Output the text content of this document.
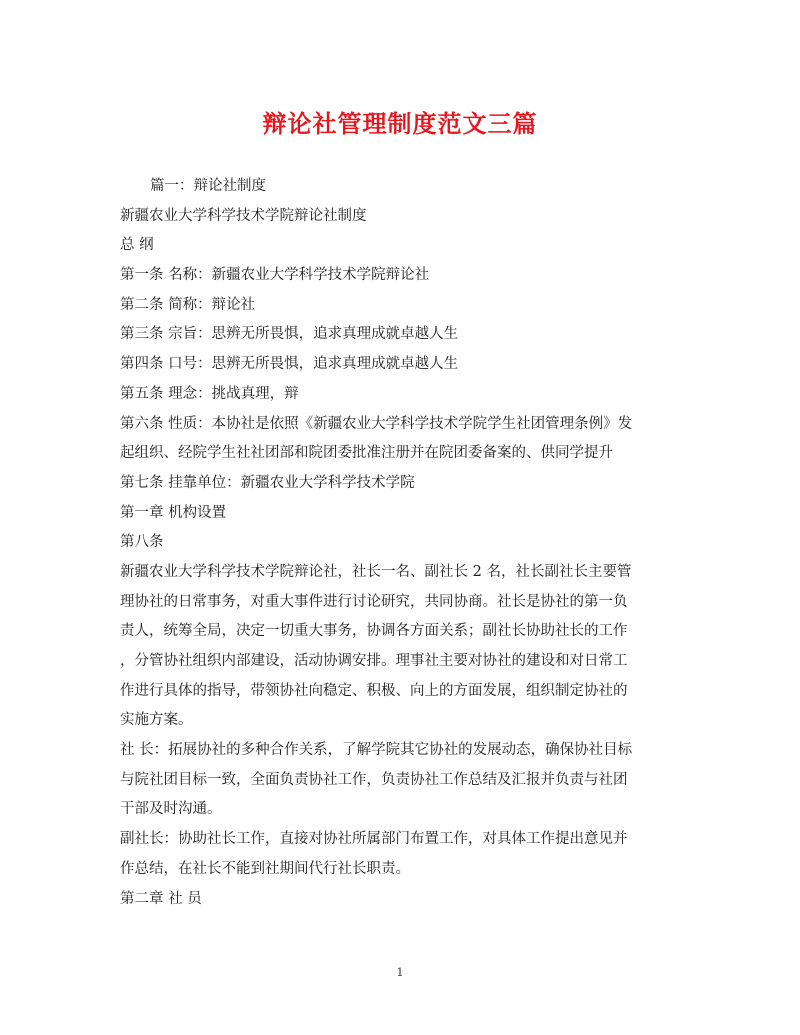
辩论社管理制度范文三篇

篇一：辩论社制度

新疆农业大学科学技术学院辩论社制度

总 纲

第一条 名称：新疆农业大学科学技术学院辩论社

第二条 简称：辩论社

第三条 宗旨：思辨无所畏惧，追求真理成就卓越人生

第四条 口号：思辨无所畏惧，追求真理成就卓越人生

第五条 理念：挑战真理，辩

第六条 性质：本协社是依照《新疆农业大学科学技术学院学生社团管理条例》发

起组织、经院学生社社团部和院团委批准注册并在院团委备案的、供同学提升

第七条 挂靠单位：新疆农业大学科学技术学院

第一章 机构设置

第八条

新疆农业大学科学技术学院辩论社，社长一名、副社长 2 名，社长副社长主要管

理协社的日常事务，对重大事件进行讨论研究，共同协商。社长是协社的第一负

责人，统筹全局，决定一切重大事务，协调各方面关系；副社长协助社长的工作

，分管协社组织内部建设，活动协调安排。理事社主要对协社的建设和对日常工

作进行具体的指导，带领协社向稳定、积极、向上的方面发展，组织制定协社的

实施方案。

社 长：拓展协社的多种合作关系，了解学院其它协社的发展动态，确保协社目标

与院社团目标一致，全面负责协社工作，负责协社工作总结及汇报并负责与社团

干部及时沟通。

副社长：协助社长工作，直接对协社所属部门布置工作，对具体工作提出意见并

作总结，在社长不能到社期间代行社长职责。

第二章 社 员

1
